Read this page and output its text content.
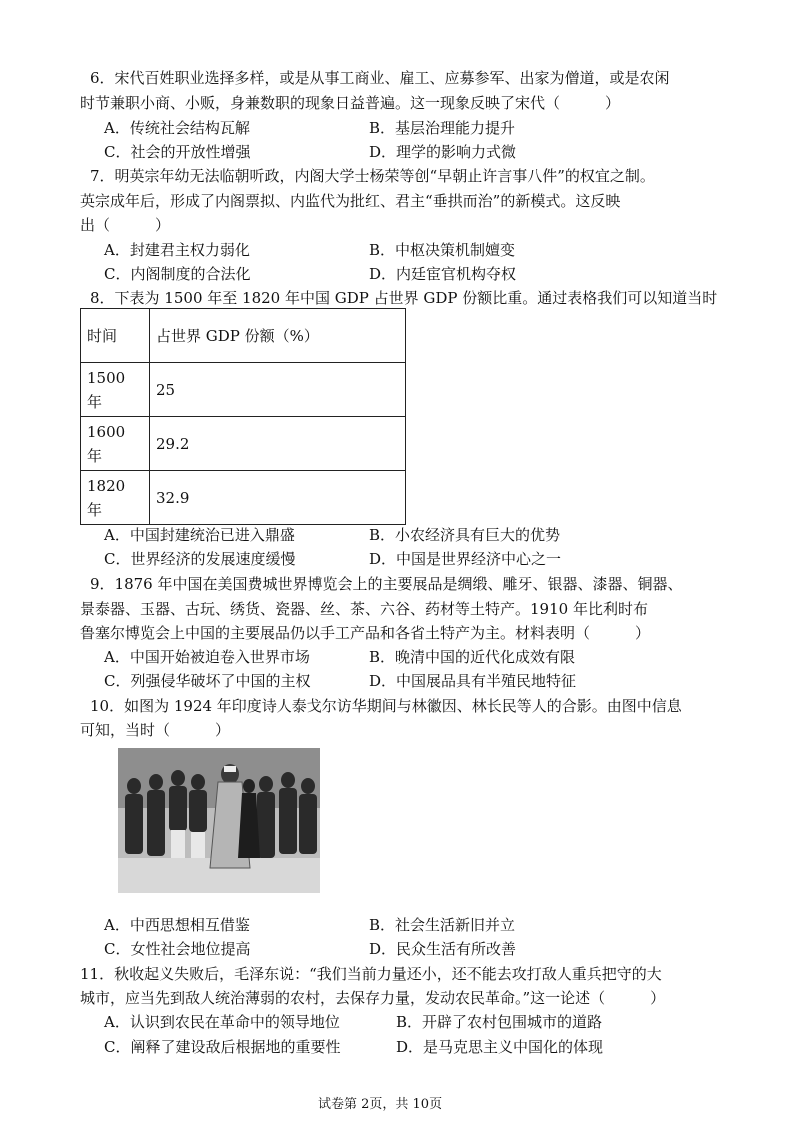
6．宋代百姓职业选择多样，或是从事工商业、雇工、应募参军、出家为僧道，或是农闲
时节兼职小商、小贩，身兼数职的现象日益普遍。这一现象反映了宋代（　　　）
A．传统社会结构瓦解	B．基层治理能力提升
C．社会的开放性增强	D．理学的影响力式微
7．明英宗年幼无法临朝听政，内阁大学士杨荣等创“早朝止许言事八件”的权宜之制。
英宗成年后，形成了内阁票拟、内监代为批红、君主“垂拱而治”的新模式。这反映
出（　　　）
A．封建君主权力弱化	B．中枢决策机制嬗变
C．内阁制度的合法化	D．内廷宦官机构夺权
8．下表为 1500 年至 1820 年中国 GDP 占世界 GDP 份额比重。通过表格我们可以知道当时
时间	占世界 GDP 份额（%）
1500 年	25
1600 年	29.2
1820 年	32.9
A．中国封建统治已进入鼎盛	B．小农经济具有巨大的优势
C．世界经济的发展速度缓慢	D．中国是世界经济中心之一
9．1876 年中国在美国费城世界博览会上的主要展品是绸缎、雕牙、银器、漆器、铜器、
景泰器、玉器、古玩、绣货、瓷器、丝、茶、六谷、药材等土特产。1910 年比利时布
鲁塞尔博览会上中国的主要展品仍以手工产品和各省土特产为主。材料表明（　　　）
A．中国开始被迫卷入世界市场	B．晚清中国的近代化成效有限
C．列强侵华破坏了中国的主权	D．中国展品具有半殖民地特征
10．如图为 1924 年印度诗人泰戈尔访华期间与林徽因、林长民等人的合影。由图中信息
可知，当时（　　　）
A．中西思想相互借鉴	B．社会生活新旧并立
C．女性社会地位提高	D．民众生活有所改善
11．秋收起义失败后，毛泽东说：“我们当前力量还小，还不能去攻打敌人重兵把守的大
城市，应当先到敌人统治薄弱的农村，去保存力量，发动农民革命。”这一论述（　　　）
A．认识到农民在革命中的领导地位	B．开辟了农村包围城市的道路
C．阐释了建设敌后根据地的重要性	D．是马克思主义中国化的体现
试卷第 2页，共 10页
